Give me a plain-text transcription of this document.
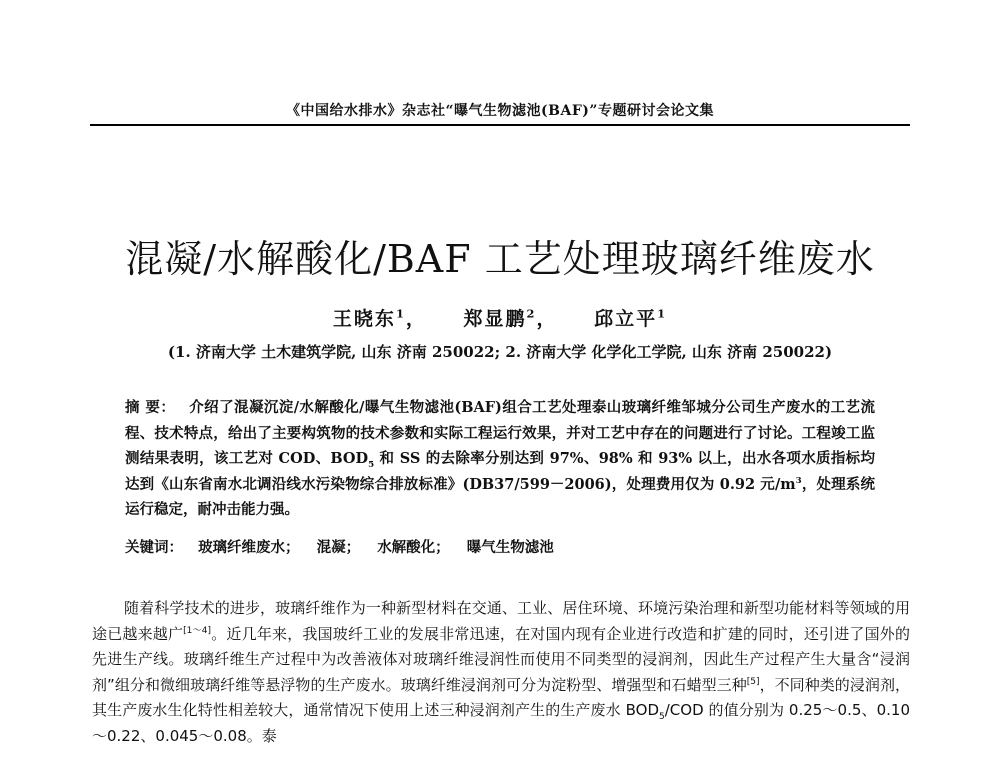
《中国给水排水》杂志社“曝气生物滤池(BAF)”专题研讨会论文集
混凝/水解酸化/BAF 工艺处理玻璃纤维废水
王晓东$^1$， 郑显鹏$^2$， 邱立平$^1$
(1. 济南大学 土木建筑学院, 山东 济南 250022; 2. 济南大学 化学化工学院, 山东 济南 250022)
摘 要： 介绍了混凝沉淀/水解酸化/曝气生物滤池(BAF)组合工艺处理泰山玻璃纤维邹城分公司生产废水的工艺流程、技术特点，给出了主要构筑物的技术参数和实际工程运行效果，并对工艺中存在的问题进行了讨论。工程竣工监测结果表明，该工艺对 COD、$BOD_5$ 和 SS 的去除率分别达到 97%、98% 和 93% 以上，出水各项水质指标均达到《山东省南水北调沿线水污染物综合排放标准》(DB37/599－2006)，处理费用仅为 0.92 元$/m^3$，处理系统运行稳定，耐冲击能力强。
关键词： 玻璃纤维废水； 混凝； 水解酸化； 曝气生物滤池

随着科学技术的进步，玻璃纤维作为一种新型材料在交通、工业、居住环境、环境污染治理和新型功能材料等领域的用途已越来越广[1～4]。近几年来，我国玻纤工业的发展非常迅速，在对国内现有企业进行改造和扩建的同时，还引进了国外的先进生产线。玻璃纤维生产过程中为改善液体对玻璃纤维浸润性而使用不同类型的浸润剂，因此生产过程产生大量含“浸润剂”组分和微细玻璃纤维等悬浮物的生产废水。玻璃纤维浸润剂可分为淀粉型、增强型和石蜡型三种[5]，不同种类的浸润剂，其生产废水生化特性相差较大，通常情况下使用上述三种浸润剂产生的生产废水 $BOD_5$/COD 的值分别为 0.25～0.5、0.10～0.22、0.045～0.08。泰
